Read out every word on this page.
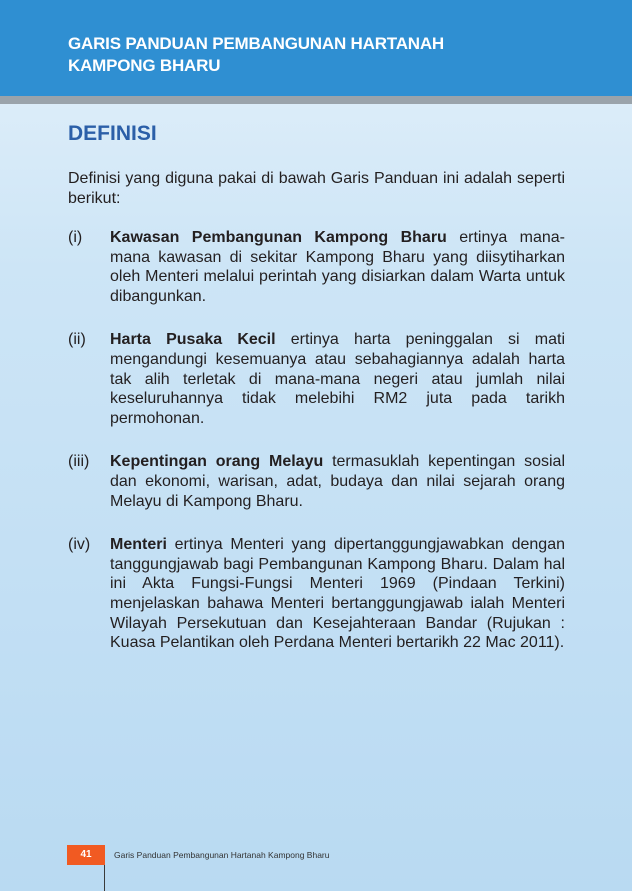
GARIS PANDUAN PEMBANGUNAN HARTANAH
KAMPONG BHARU
DEFINISI

Definisi yang diguna pakai di bawah Garis Panduan ini adalah seperti berikut:

(i)	Kawasan Pembangunan Kampong Bharu ertinya mana-mana kawasan di sekitar Kampong Bharu yang diisytiharkan oleh Menteri melalui perintah yang disiarkan dalam Warta untuk dibangunkan.
(ii)	Harta Pusaka Kecil ertinya harta peninggalan si mati mengandungi kesemuanya atau sebahagiannya adalah harta tak alih terletak di mana-mana negeri atau jumlah nilai keseluruhannya tidak melebihi RM2 juta pada tarikh permohonan.
(iii)	Kepentingan orang Melayu termasuklah kepentingan sosial dan ekonomi, warisan, adat, budaya dan nilai sejarah orang Melayu di Kampong Bharu.
(iv)	Menteri ertinya Menteri yang dipertanggungjawabkan dengan tanggungjawab bagi Pembangunan Kampong Bharu. Dalam hal ini Akta Fungsi-Fungsi Menteri 1969 (Pindaan Terkini) menjelaskan bahawa Menteri bertanggungjawab ialah Menteri Wilayah Persekutuan dan Kesejahteraan Bandar (Rujukan : Kuasa Pelantikan oleh Perdana Menteri bertarikh 22 Mac 2011).
41	Garis Panduan Pembangunan Hartanah Kampong Bharu
